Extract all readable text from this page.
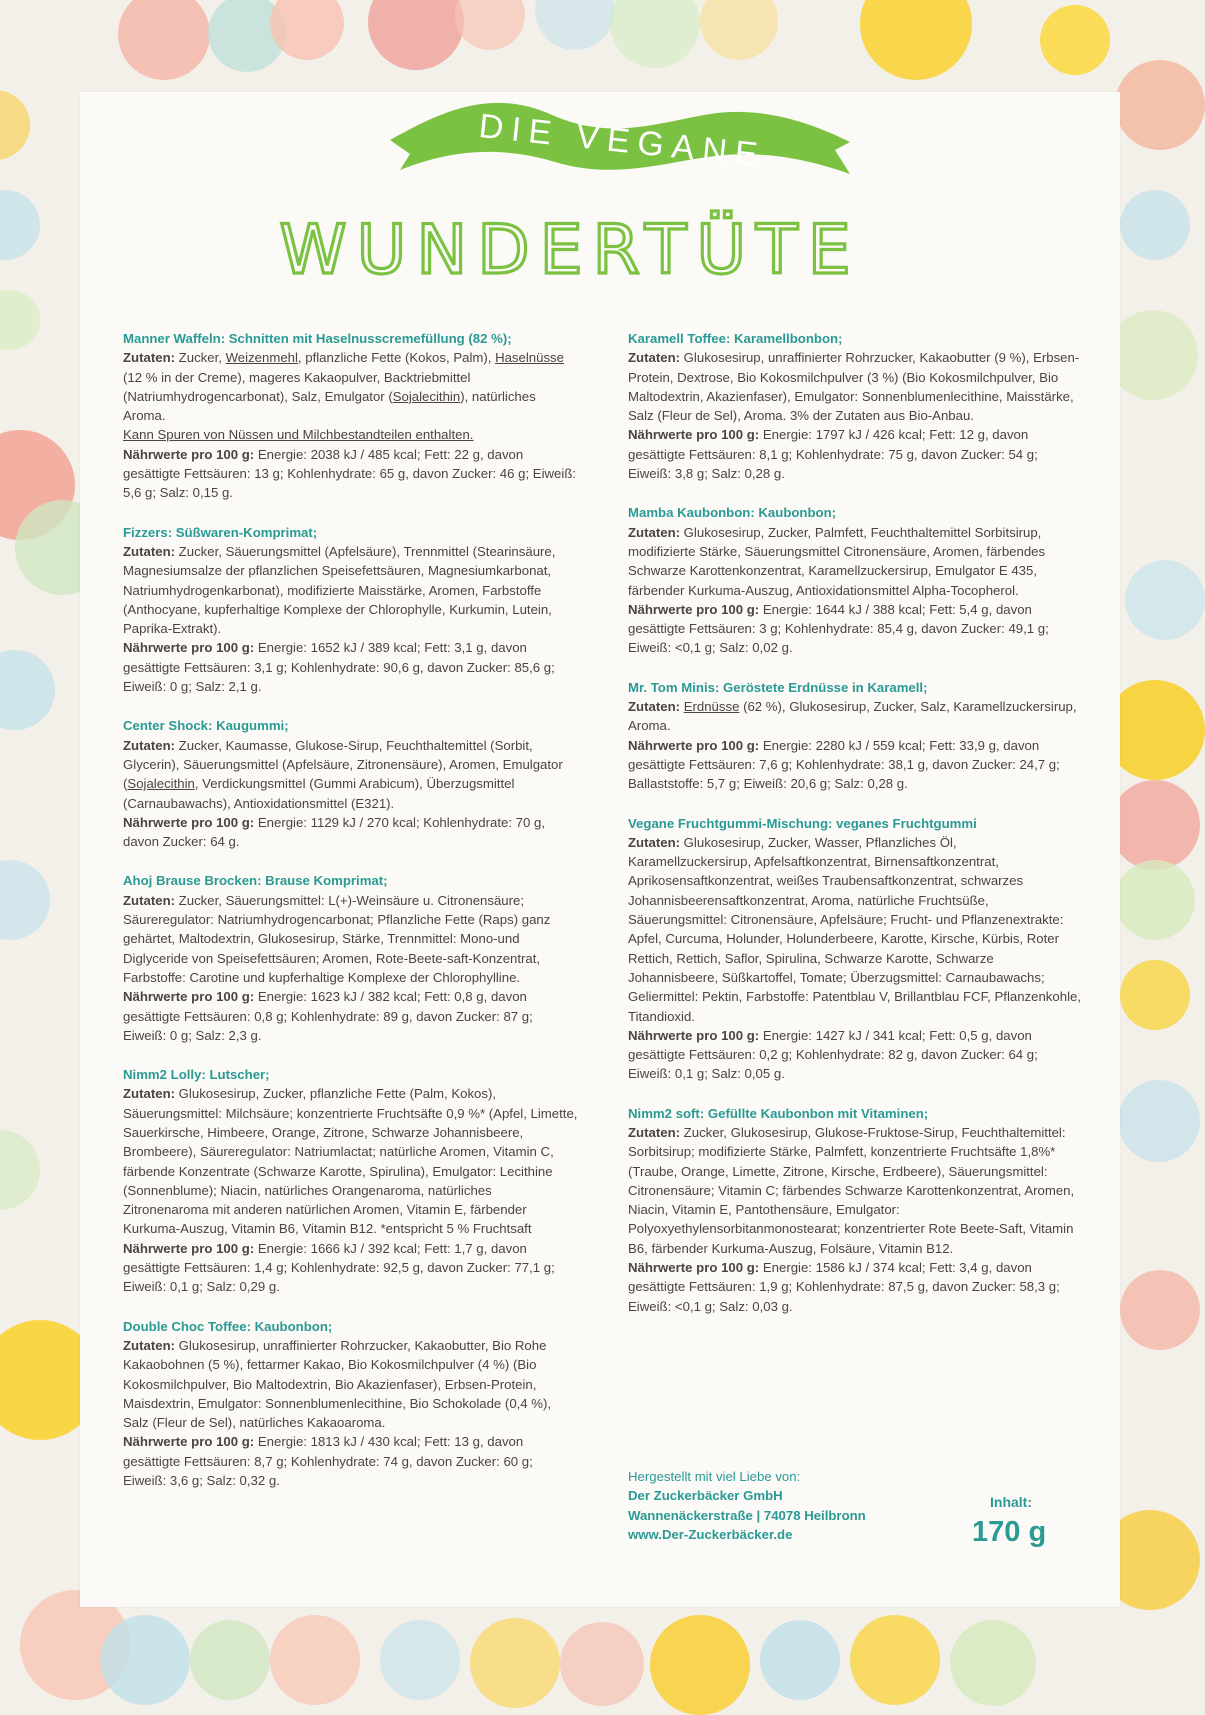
DIE VEGANE
WUNDERTÜTE
Manner Waffeln: Schnitten mit Haselnusscremefüllung (82 %);
Zutaten: Zucker, Weizenmehl, pflanzliche Fette (Kokos, Palm), Haselnüsse (12 % in der Creme), mageres Kakaopulver, Backtriebmittel (Natriumhydrogencarbonat), Salz, Emulgator (Sojalecithin), natürliches Aroma.
Kann Spuren von Nüssen und Milchbestandteilen enthalten.
Nährwerte pro 100 g: Energie: 2038 kJ / 485 kcal; Fett: 22 g, davon gesättigte Fettsäuren: 13 g; Kohlenhydrate: 65 g, davon Zucker: 46 g; Eiweiß: 5,6 g; Salz: 0,15 g.
Fizzers: Süßwaren-Komprimat;
Zutaten: Zucker, Säuerungsmittel (Apfelsäure), Trennmittel (Stearinsäure, Magnesiumsalze der pflanzlichen Speisefettsäuren, Magnesiumkarbonat, Natriumhydrogenkarbonat), modifizierte Maisstärke, Aromen, Farbstoffe (Anthocyane, kupferhaltige Komplexe der Chlorophylle, Kurkumin, Lutein, Paprika-Extrakt).
Nährwerte pro 100 g: Energie: 1652 kJ / 389 kcal; Fett: 3,1 g, davon gesättigte Fettsäuren: 3,1 g; Kohlenhydrate: 90,6 g, davon Zucker: 85,6 g; Eiweiß: 0 g; Salz: 2,1 g.
Center Shock: Kaugummi;
Zutaten: Zucker, Kaumasse, Glukose-Sirup, Feuchthaltemittel (Sorbit, Glycerin), Säuerungsmittel (Apfelsäure, Zitronensäure), Aromen, Emulgator (Sojalecithin, Verdickungsmittel (Gummi Arabicum), Überzugsmittel (Carnaubawachs), Antioxidationsmittel (E321).
Nährwerte pro 100 g: Energie: 1129 kJ / 270 kcal; Kohlenhydrate: 70 g, davon Zucker: 64 g.
Ahoj Brause Brocken: Brause Komprimat;
Zutaten: Zucker, Säuerungsmittel: L(+)-Weinsäure u. Citronensäure; Säureregulator: Natriumhydrogencarbonat; Pflanzliche Fette (Raps) ganz gehärtet, Maltodextrin, Glukosesirup, Stärke, Trennmittel: Mono-und Diglyceride von Speisefettsäuren; Aromen, Rote-Beete-saft-Konzentrat, Farbstoffe: Carotine und kupferhaltige Komplexe der Chlorophylline.
Nährwerte pro 100 g: Energie: 1623 kJ / 382 kcal; Fett: 0,8 g, davon gesättigte Fettsäuren: 0,8 g; Kohlenhydrate: 89 g, davon Zucker: 87 g; Eiweiß: 0 g; Salz: 2,3 g.
Nimm2 Lolly: Lutscher;
Zutaten: Glukosesirup, Zucker, pflanzliche Fette (Palm, Kokos), Säuerungsmittel: Milchsäure; konzentrierte Fruchtsäfte 0,9 %* (Apfel, Limette, Sauerkirsche, Himbeere, Orange, Zitrone, Schwarze Johannisbeere, Brombeere), Säureregulator: Natriumlactat; natürliche Aromen, Vitamin C, färbende Konzentrate (Schwarze Karotte, Spirulina), Emulgator: Lecithine (Sonnenblume); Niacin, natürliches Orangenaroma, natürliches Zitronenaroma mit anderen natürlichen Aromen, Vitamin E, färbender Kurkuma-Auszug, Vitamin B6, Vitamin B12. *entspricht 5 % Fruchtsaft
Nährwerte pro 100 g: Energie: 1666 kJ / 392 kcal; Fett: 1,7 g, davon gesättigte Fettsäuren: 1,4 g; Kohlenhydrate: 92,5 g, davon Zucker: 77,1 g; Eiweiß: 0,1 g; Salz: 0,29 g.
Double Choc Toffee: Kaubonbon;
Zutaten: Glukosesirup, unraffinierter Rohrzucker, Kakaobutter, Bio Rohe Kakaobohnen (5 %), fettarmer Kakao, Bio Kokosmilchpulver (4 %) (Bio Kokosmilchpulver, Bio Maltodextrin, Bio Akazienfaser), Erbsen-Protein, Maisdextrin, Emulgator: Sonnenblumenlecithine, Bio Schokolade (0,4 %), Salz (Fleur de Sel), natürliches Kakaoaroma.
Nährwerte pro 100 g: Energie: 1813 kJ / 430 kcal; Fett: 13 g, davon gesättigte Fettsäuren: 8,7 g; Kohlenhydrate: 74 g, davon Zucker: 60 g; Eiweiß: 3,6 g; Salz: 0,32 g.
Karamell Toffee: Karamellbonbon;
Zutaten: Glukosesirup, unraffinierter Rohrzucker, Kakaobutter (9 %), Erbsen-Protein, Dextrose, Bio Kokosmilchpulver (3 %) (Bio Kokosmilchpulver, Bio Maltodextrin, Akazienfaser), Emulgator: Sonnenblumenlecithine, Maisstärke, Salz (Fleur de Sel), Aroma. 3% der Zutaten aus Bio-Anbau.
Nährwerte pro 100 g: Energie: 1797 kJ / 426 kcal; Fett: 12 g, davon gesättigte Fettsäuren: 8,1 g; Kohlenhydrate: 75 g, davon Zucker: 54 g; Eiweiß: 3,8 g; Salz: 0,28 g.
Mamba Kaubonbon: Kaubonbon;
Zutaten: Glukosesirup, Zucker, Palmfett, Feuchthaltemittel Sorbitsirup, modifizierte Stärke, Säuerungsmittel Citronensäure, Aromen, färbendes Schwarze Karottenkonzentrat, Karamellzuckersirup, Emulgator E 435, färbender Kurkuma-Auszug, Antioxidationsmittel Alpha-Tocopherol.
Nährwerte pro 100 g: Energie: 1644 kJ / 388 kcal; Fett: 5,4 g, davon gesättigte Fettsäuren: 3 g; Kohlenhydrate: 85,4 g, davon Zucker: 49,1 g; Eiweiß: <0,1 g; Salz: 0,02 g.
Mr. Tom Minis: Geröstete Erdnüsse in Karamell;
Zutaten: Erdnüsse (62 %), Glukosesirup, Zucker, Salz, Karamellzuckersirup, Aroma.
Nährwerte pro 100 g: Energie: 2280 kJ / 559 kcal; Fett: 33,9 g, davon gesättigte Fettsäuren: 7,6 g; Kohlenhydrate: 38,1 g, davon Zucker: 24,7 g; Ballaststoffe: 5,7 g; Eiweiß: 20,6 g; Salz: 0,28 g.
Vegane Fruchtgummi-Mischung: veganes Fruchtgummi
Zutaten: Glukosesirup, Zucker, Wasser, Pflanzliches Öl, Karamellzuckersirup, Apfelsaftkonzentrat, Birnensaftkonzentrat, Aprikosensaftkonzentrat, weißes Traubensaftkonzentrat, schwarzes Johannisbeerensaftkonzentrat, Aroma, natürliche Fruchtsüße, Säuerungsmittel: Citronensäure, Apfelsäure; Frucht- und Pflanzenextrakte: Apfel, Curcuma, Holunder, Holunderbeere, Karotte, Kirsche, Kürbis, Roter Rettich, Rettich, Saflor, Spirulina, Schwarze Karotte, Schwarze Johannisbeere, Süßkartoffel, Tomate; Überzugsmittel: Carnaubawachs; Geliermittel: Pektin, Farbstoffe: Patentblau V, Brillantblau FCF, Pflanzenkohle, Titandioxid.
Nährwerte pro 100 g: Energie: 1427 kJ / 341 kcal; Fett: 0,5 g, davon gesättigte Fettsäuren: 0,2 g; Kohlenhydrate: 82 g, davon Zucker: 64 g; Eiweiß: 0,1 g; Salz: 0,05 g.
Nimm2 soft: Gefüllte Kaubonbon mit Vitaminen;
Zutaten: Zucker, Glukosesirup, Glukose-Fruktose-Sirup, Feuchthaltemittel: Sorbitsirup; modifizierte Stärke, Palmfett, konzentrierte Fruchtsäfte 1,8%* (Traube, Orange, Limette, Zitrone, Kirsche, Erdbeere), Säuerungsmittel: Citronensäure; Vitamin C; färbendes Schwarze Karottenkonzentrat, Aromen, Niacin, Vitamin E, Pantothensäure, Emulgator: Polyoxyethylensorbitanmonostearat; konzentrierter Rote Beete-Saft, Vitamin B6, färbender Kurkuma-Auszug, Folsäure, Vitamin B12.
Nährwerte pro 100 g: Energie: 1586 kJ / 374 kcal; Fett: 3,4 g, davon gesättigte Fettsäuren: 1,9 g; Kohlenhydrate: 87,5 g, davon Zucker: 58,3 g; Eiweiß: <0,1 g; Salz: 0,03 g.
Hergestellt mit viel Liebe von:
Der Zuckerbäcker GmbH
Wannenäckerstraße | 74078 Heilbronn
www.Der-Zuckerbäcker.de
Inhalt:
170 g
